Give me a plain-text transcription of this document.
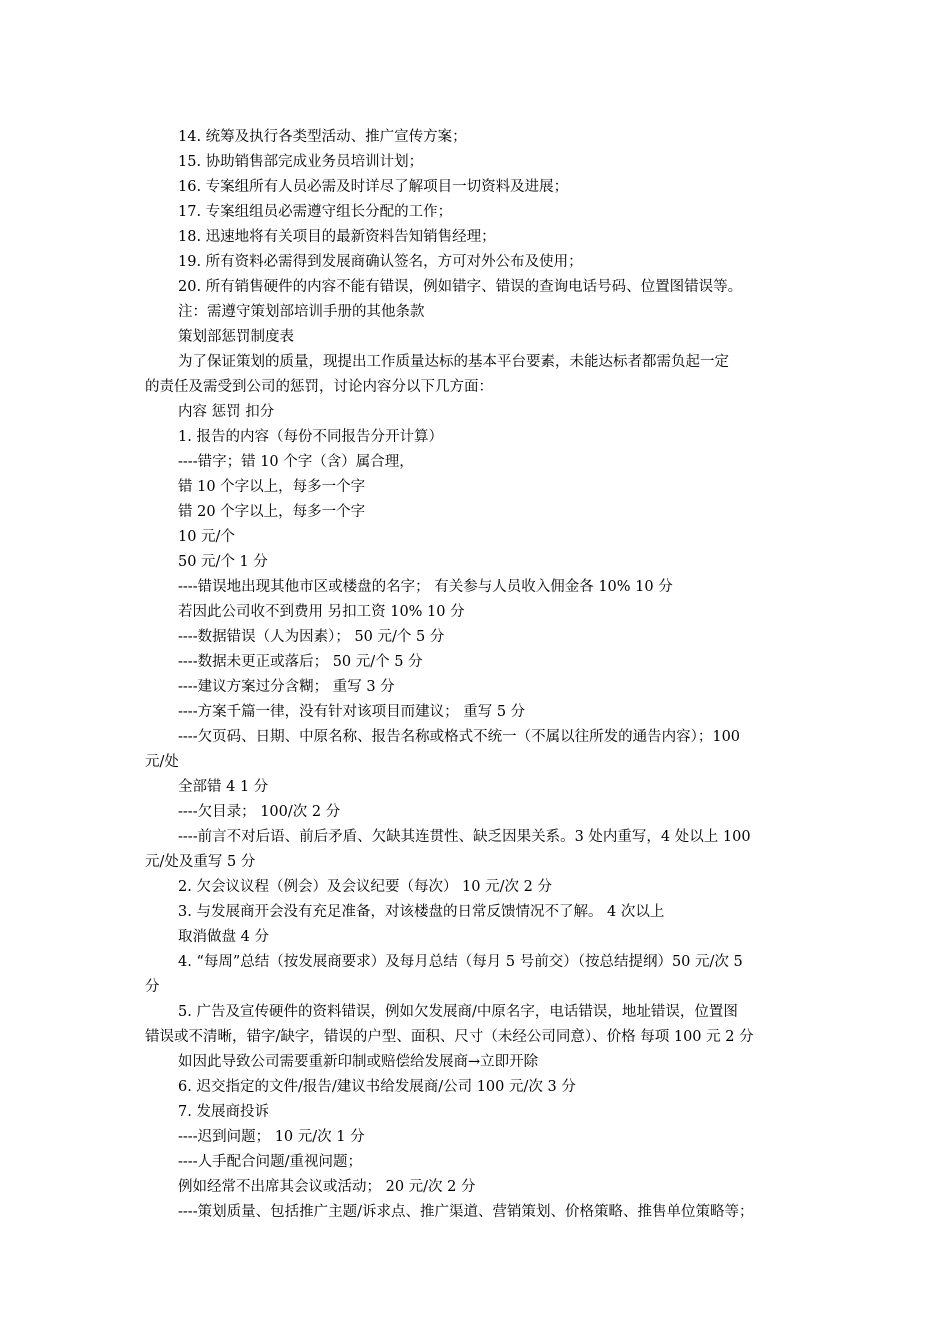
14. 统筹及执行各类型活动、推广宣传方案；
15. 协助销售部完成业务员培训计划；
16. 专案组所有人员必需及时详尽了解项目一切资料及进展；
17. 专案组组员必需遵守组长分配的工作；
18. 迅速地将有关项目的最新资料告知销售经理；
19. 所有资料必需得到发展商确认签名，方可对外公布及使用；
20. 所有销售硬件的内容不能有错误，例如错字、错误的查询电话号码、位置图错误等。
注：需遵守策划部培训手册的其他条款
策划部惩罚制度表
为了保证策划的质量，现提出工作质量达标的基本平台要素，未能达标者都需负起一定
的责任及需受到公司的惩罚，讨论内容分以下几方面：
内容 惩罚 扣分
1. 报告的内容（每份不同报告分开计算）
----错字；错 10 个字（含）属合理，
错 10 个字以上，每多一个字
错 20 个字以上，每多一个字
10 元/个
50 元/个 1 分
----错误地出现其他市区或楼盘的名字； 有关参与人员收入佣金各 10% 10 分
若因此公司收不到费用 另扣工资 10% 10 分
----数据错误（人为因素）； 50 元/个 5 分
----数据未更正或落后； 50 元/个 5 分
----建议方案过分含糊； 重写 3 分
----方案千篇一律，没有针对该项目而建议； 重写 5 分
----欠页码、日期、中原名称、报告名称或格式不统一（不属以往所发的通告内容）；100
元/处
全部错 4 1 分
----欠目录； 100/次 2 分
----前言不对后语、前后矛盾、欠缺其连贯性、缺乏因果关系。3 处内重写，4 处以上 100
元/处及重写 5 分
2. 欠会议议程（例会）及会议纪要（每次） 10 元/次 2 分
3. 与发展商开会没有充足准备，对该楼盘的日常反馈情况不了解。 4 次以上
取消做盘 4 分
4. “每周”总结（按发展商要求）及每月总结（每月 5 号前交）（按总结提纲）50 元/次 5
分
5. 广告及宣传硬件的资料错误，例如欠发展商/中原名字，电话错误，地址错误，位置图
错误或不清晰，错字/缺字，错误的户型、面积、尺寸（未经公司同意）、价格 每项 100 元 2 分
如因此导致公司需要重新印制或赔偿给发展商→立即开除
6. 迟交指定的文件/报告/建议书给发展商/公司 100 元/次 3 分
7. 发展商投诉
----迟到问题； 10 元/次 1 分
----人手配合问题/重视问题；
例如经常不出席其会议或活动； 20 元/次 2 分
----策划质量、包括推广主题/诉求点、推广渠道、营销策划、价格策略、推售单位策略等；
